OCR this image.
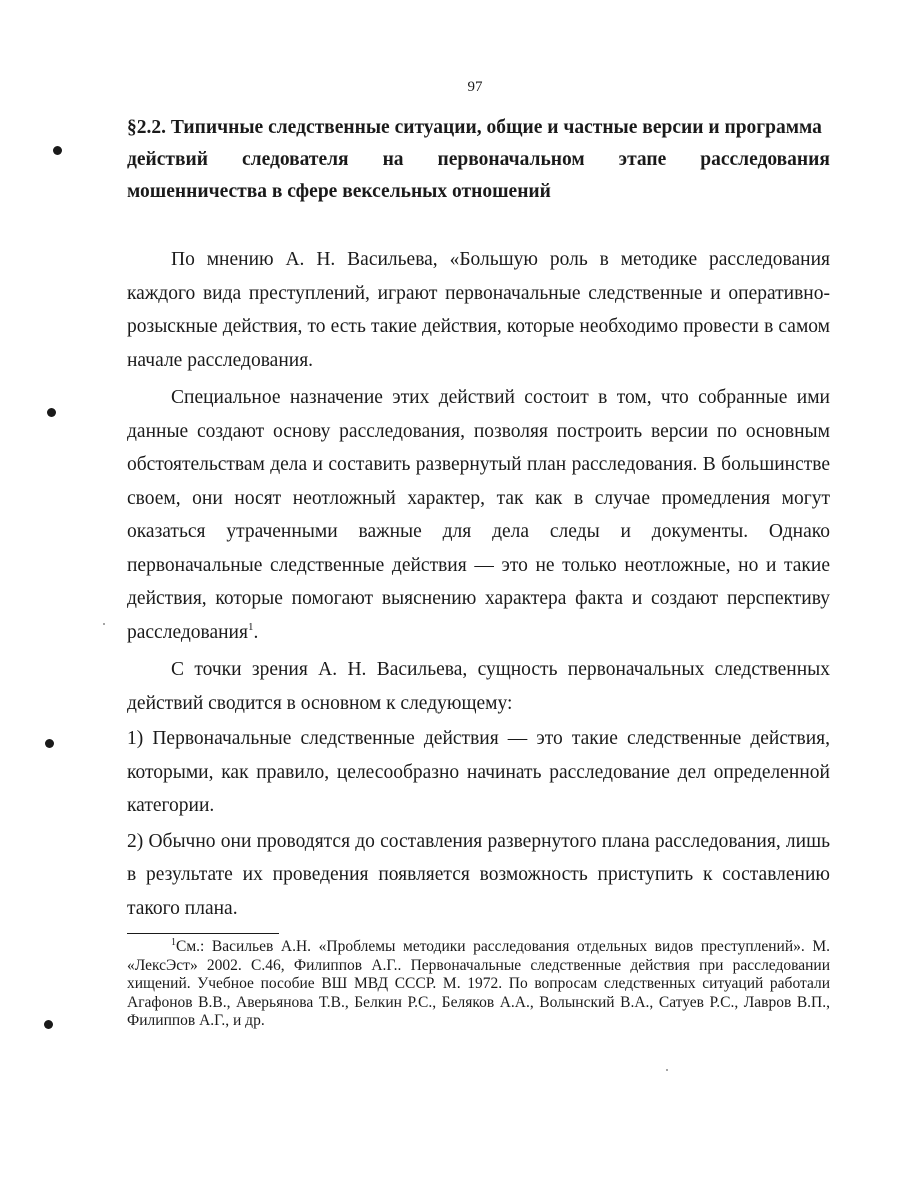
97
§2.2. Типичные следственные ситуации, общие и частные версии и программа
действий следователя на первоначальном этапе расследования
мошенничества в сфере вексельных отношений

По мнению А. Н. Васильева, «Большую роль в методике расследования каждого вида преступлений, играют первоначальные следственные и оперативно-розыскные действия, то есть такие действия, которые необходимо провести в самом начале расследования.

Специальное назначение этих действий состоит в том, что собранные ими данные создают основу расследования, позволяя построить версии по основным обстоятельствам дела и составить развернутый план расследования. В большинстве своем, они носят неотложный характер, так как в случае промедления могут оказаться утраченными важные для дела следы и документы. Однако первоначальные следственные действия — это не только неотложные, но и такие действия, которые помогают выяснению характера факта и создают перспективу расследования$^1$.

С точки зрения А. Н. Васильева, сущность первоначальных следственных действий сводится в основном к следующему:

1) Первоначальные следственные действия — это такие следственные действия, которыми, как правило, целесообразно начинать расследование дел определенной категории.

2) Обычно они проводятся до составления развернутого плана расследования, лишь в результате их проведения появляется возможность приступить к составлению такого плана.

$^1$См.: Васильев А.Н. «Проблемы методики расследования отдельных видов преступлений». М. «ЛексЭст» 2002. С.46, Филиппов А.Г.. Первоначальные следственные действия при расследовании хищений. Учебное пособие ВШ МВД СССР. М. 1972. По вопросам следственных ситуаций работали Агафонов В.В., Аверьянова Т.В., Белкин Р.С., Беляков А.А., Волынский В.А., Сатуев Р.С., Лавров В.П., Филиппов А.Г., и др.
